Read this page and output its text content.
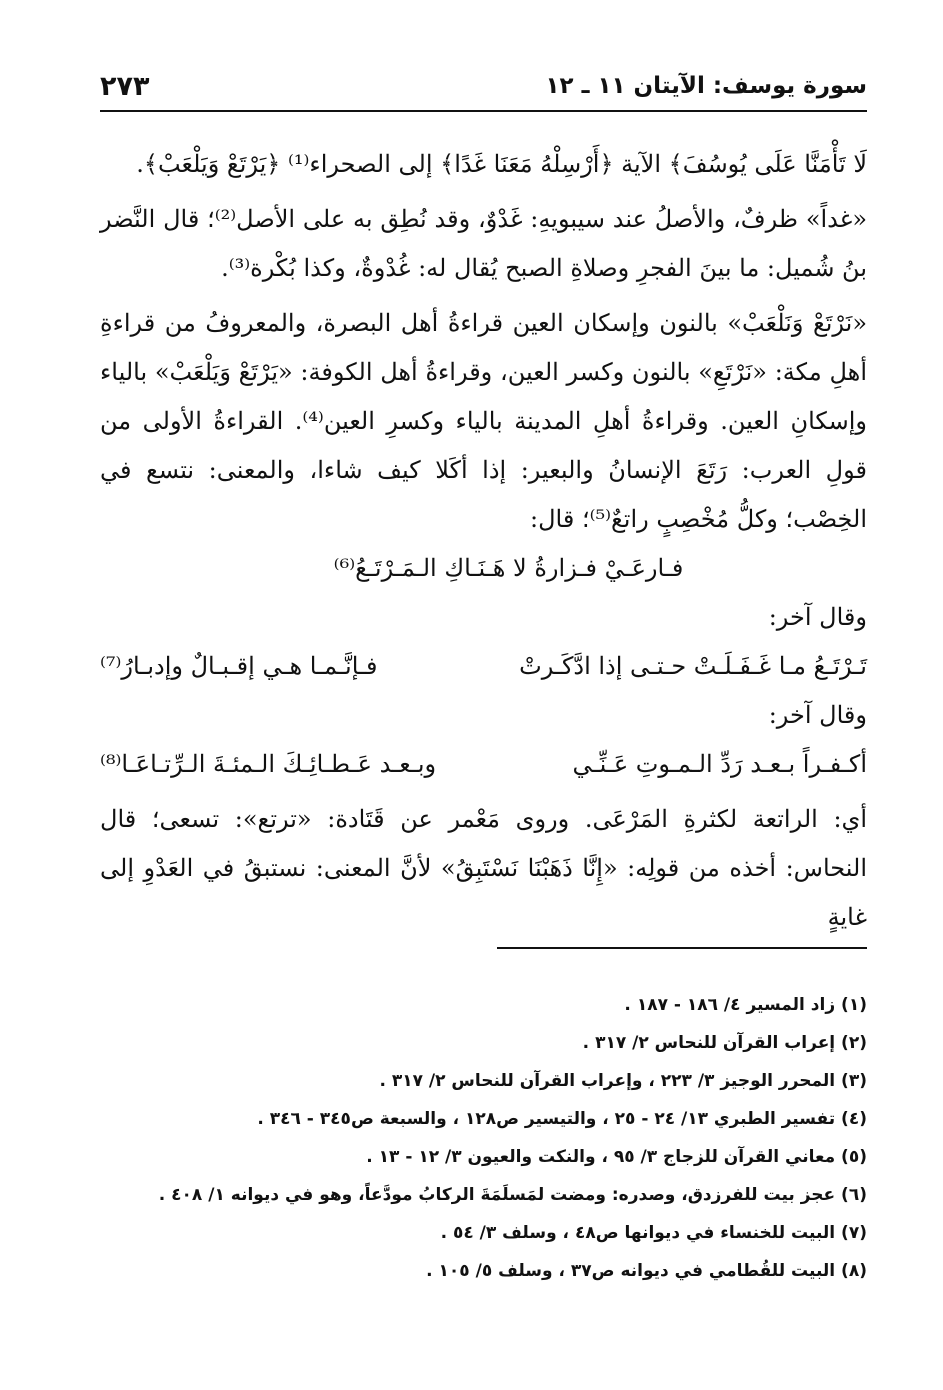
سورة يوسف: الآيتان ١١ ـ ١٢
٢٧٣

لَا تَأْمَنَّا عَلَى يُوسُفَ﴾ الآية ﴿أَرْسِلْهُ مَعَنَا غَدًا﴾ إلى الصحراء⁽¹⁾ ﴿يَرْتَعْ وَيَلْعَبْ﴾.

«غداً» ظرفٌ، والأصلُ عند سيبويهِ: غَدْوٌ، وقد نُطِق به على الأصل⁽²⁾؛ قال النَّضر بنُ شُميل: ما بينَ الفجرِ وصلاةِ الصبح يُقال له: غُدْوةٌ، وكذا بُكْرة⁽³⁾.

«نَرْتَعْ وَنَلْعَبْ» بالنون وإسكان العين قراءةُ أهل البصرة، والمعروفُ من قراءةِ أهلِ مكة: «نَرْتَعِ» بالنون وكسر العين، وقراءةُ أهل الكوفة: «يَرْتَعْ وَيَلْعَبْ» بالياء وإسكانِ العين. وقراءةُ أهلِ المدينة بالياء وكسرِ العين⁽⁴⁾. القراءةُ الأولى من قولِ العرب: رَتَعَ الإنسانُ والبعير: إذا أكَلا كيف شاءا، والمعنى: نتسع في الخِصْب؛ وكلُّ مُخْصِبٍ راتعٌ⁽⁵⁾؛ قال:

فـارعَـيْ فـزارةُ لا هَـنَـاكِ الـمَـرْتَـعُ⁽⁶⁾

وقال آخر:

تَـرْتَـعُ مـا غَـفَـلَـتْ حـتـى إذا ادَّكَـرتْ
فـإنَّـمـا هـي إقـبـالٌ وإدبـارُ⁽⁷⁾

وقال آخر:

أكـفـراً بـعـد رَدِّ الـمـوتِ عَـنِّـي
وبـعـد عَـطـائِـكَ الـمئـةَ الـرِّتـاعَـا⁽⁸⁾

أي: الراتعة لكثرةِ المَرْعَى. وروى مَعْمر عن قَتَادة: «ترتع»: تسعى؛ قال النحاس: أخذه من قولِه: «إِنَّا ذَهَبْنَا نَسْتَبِقُ» لأنَّ المعنى: نستبقُ في العَدْوِ إلى غايةٍ

(١) زاد المسير ٤/ ١٨٦ - ١٨٧ .
(٢) إعراب القرآن للنحاس ٢/ ٣١٧ .
(٣) المحرر الوجيز ٣/ ٢٢٣ ، وإعراب القرآن للنحاس ٢/ ٣١٧ .
(٤) تفسير الطبري ١٣/ ٢٤ - ٢٥ ، والتيسير ص١٢٨ ، والسبعة ص٣٤٥ - ٣٤٦ .
(٥) معاني القرآن للزجاج ٣/ ٩٥ ، والنكت والعيون ٣/ ١٢ - ١٣ .
(٦) عجز بيت للفرزدق، وصدره: ومضت لمَسلَمَةَ الركابُ مودَّعاً، وهو في ديوانه ١/ ٤٠٨ .
(٧) البيت للخنساء في ديوانها ص٤٨ ، وسلف ٣/ ٥٤ .
(٨) البيت للقُطامي في ديوانه ص٣٧ ، وسلف ٥/ ١٠٥ .
